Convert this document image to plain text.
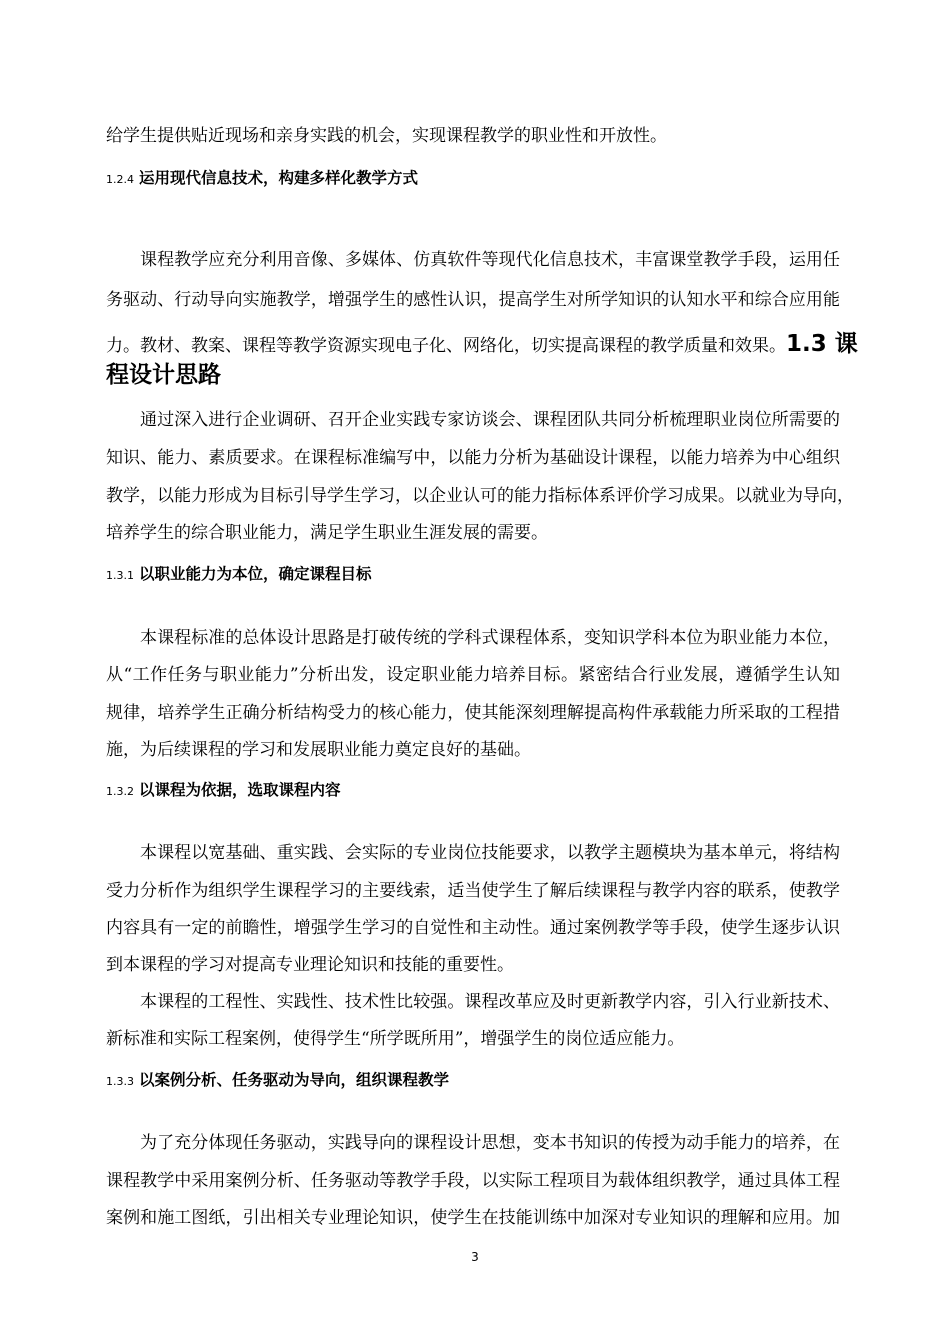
给学生提供贴近现场和亲身实践的机会，实现课程教学的职业性和开放性。
1.2.4 运用现代信息技术，构建多样化教学方式
课程教学应充分利用音像、多媒体、仿真软件等现代化信息技术，丰富课堂教学手段，运用任
务驱动、行动导向实施教学，增强学生的感性认识，提高学生对所学知识的认知水平和综合应用能
力。教材、教案、课程等教学资源实现电子化、网络化，切实提高课程的教学质量和效果。1.3 课
程设计思路
通过深入进行企业调研、召开企业实践专家访谈会、课程团队共同分析梳理职业岗位所需要的
知识、能力、素质要求。在课程标准编写中，以能力分析为基础设计课程，以能力培养为中心组织
教学，以能力形成为目标引导学生学习，以企业认可的能力指标体系评价学习成果。以就业为导向，
培养学生的综合职业能力，满足学生职业生涯发展的需要。
1.3.1 以职业能力为本位，确定课程目标
本课程标准的总体设计思路是打破传统的学科式课程体系，变知识学科本位为职业能力本位，
从“工作任务与职业能力”分析出发，设定职业能力培养目标。紧密结合行业发展，遵循学生认知
规律，培养学生正确分析结构受力的核心能力，使其能深刻理解提高构件承载能力所采取的工程措
施，为后续课程的学习和发展职业能力奠定良好的基础。
1.3.2 以课程为依据，选取课程内容
本课程以宽基础、重实践、会实际的专业岗位技能要求，以教学主题模块为基本单元，将结构
受力分析作为组织学生课程学习的主要线索，适当使学生了解后续课程与教学内容的联系，使教学
内容具有一定的前瞻性，增强学生学习的自觉性和主动性。通过案例教学等手段，使学生逐步认识
到本课程的学习对提高专业理论知识和技能的重要性。
本课程的工程性、实践性、技术性比较强。课程改革应及时更新教学内容，引入行业新技术、
新标准和实际工程案例，使得学生“所学既所用”，增强学生的岗位适应能力。
1.3.3 以案例分析、任务驱动为导向，组织课程教学
为了充分体现任务驱动，实践导向的课程设计思想，变本书知识的传授为动手能力的培养，在
课程教学中采用案例分析、任务驱动等教学手段，以实际工程项目为载体组织教学，通过具体工程
案例和施工图纸，引出相关专业理论知识，使学生在技能训练中加深对专业知识的理解和应用。加
3
